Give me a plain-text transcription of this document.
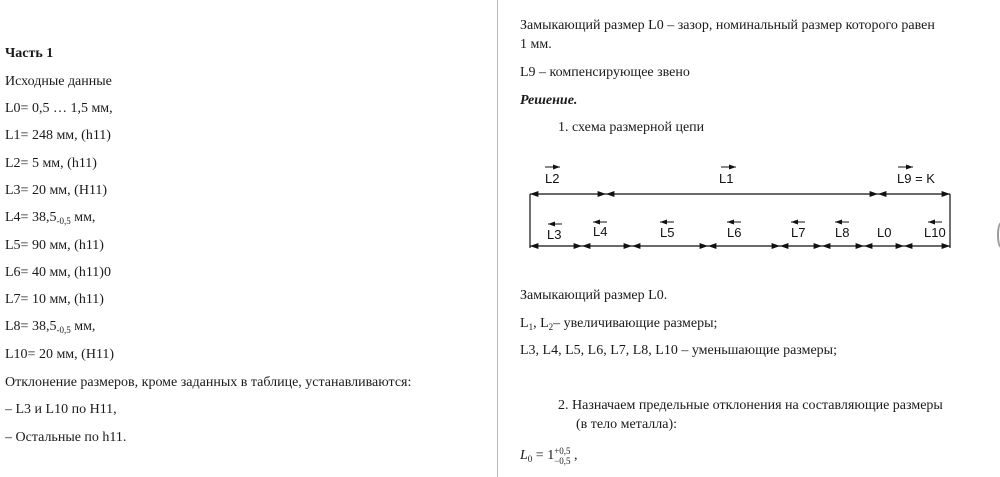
Часть 1
Исходные данные
L0= 0,5 … 1,5 мм,
L1= 248 мм, (h11)
L2= 5 мм, (h11)
L3= 20 мм, (H11)
$L4= 38,5_{-0,5}$ мм,
L5= 90 мм, (h11)
L6= 40 мм, (h11)0
L7= 10 мм, (h11)
$L8= 38,5_{-0,5}$ мм,
L10= 20 мм, (H11)
Отклонение размеров, кроме заданных в таблице, устанавливаются:
– L3 и L10 по H11,
– Остальные по h11.
Замыкающий размер L0 – зазор, номинальный размер которого равен
1 мм.
L9 – компенсирующее звено
Решение.
1. схема размерной цепи
L2	L1	L9 = K
L3 L4	L5	L6	L7 L8 L0	L10
Замыкающий размер L0.
$L_1$, $L_2-$ увеличивающие размеры;
L3, L4, L5, L6, L7, L8, L10 – уменьшающие размеры;
2. Назначаем предельные отклонения на составляющие размеры
(в тело металла):
$L_0 = 1 +0,5$
−0,5 ,
